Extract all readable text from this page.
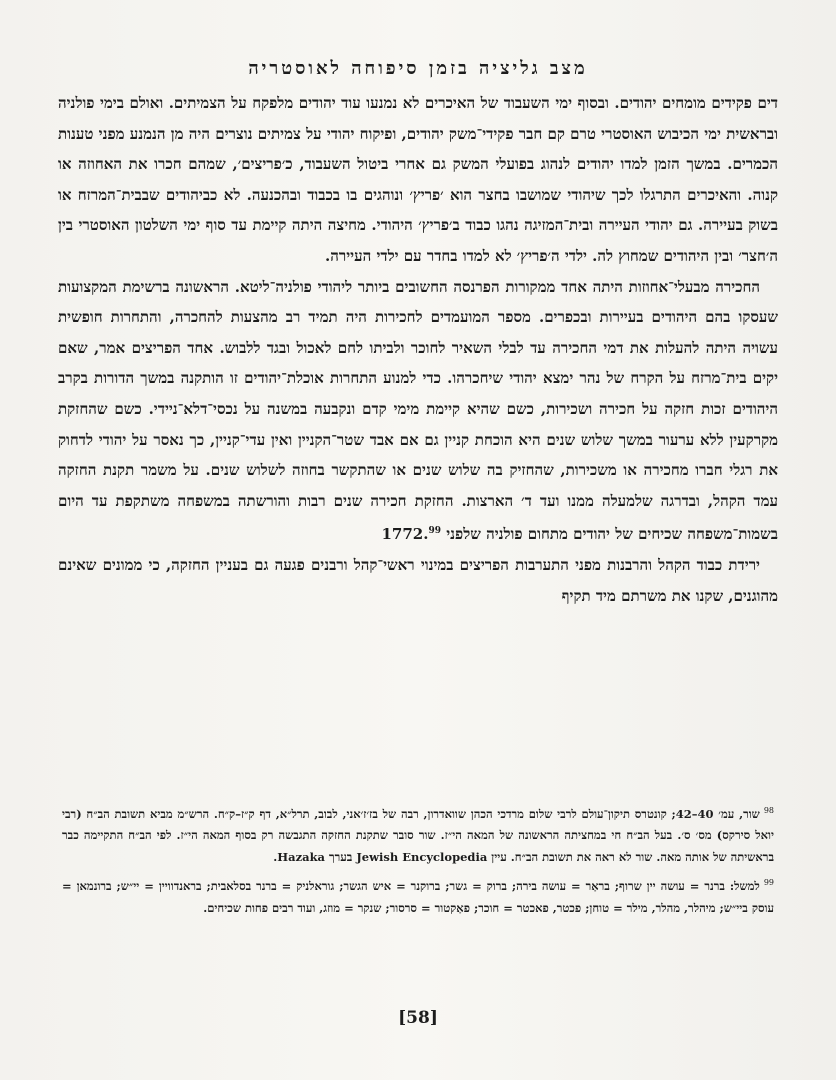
מצב גליציה בזמן סיפוחה לאוסטריה

דים פקידים מומחים יהודים. ובסוף ימי השעבוד של האיכרים לא נמנעו עוד יהודים מלפקח על הצמיתים. ואולם בימי פולניה ובראשית ימי הכיבוש האוסטרי טרם קם חבר פקידי־משק יהודים, ופיקוח יהודי על צמיתים נוצרים היה מן הנמנע מפני טענות הכמרים. במשך הזמן למדו יהודים לנהוג בפועלי המשק גם אחרי ביטול השעבוד, כ׳פריצים׳, שמהם חכרו את האחוזה או קנוה. והאיכרים התרגלו לכך שיהודי שמושבו בחצר הוא ׳פריץ׳ ונוהגים בו בכבוד ובהכנעה. לא כביהודים שבבית־המרזח או בשוק בעיירה. גם יהודי העיירה ובית־המזיגה נהגו כבוד ב׳פריץ׳ היהודי. מחיצה היתה קיימת עד סוף ימי השלטון האוסטרי בין ה׳חצר׳ ובין היהודים שמחוץ לה. ילדי ה׳פריץ׳ לא למדו בחדר עם ילדי העיירה.

החכירה מבעלי־אחוזות היתה אחד ממקורות הפרנסה החשובים ביותר ליהודי פולניה־ליטא. הראשונה ברשימת המקצועות שעסקו בהם היהודים בעיירות ובכפרים. מספר המועמדים לחכירות היה תמיד רב מהצעות להחכרה, והתחרות חופשית עשויה היתה להעלות את דמי החכירה עד לבלי השאיר לחוכר ולביתו לחם לאכול ובגד ללבוש. אחד הפריצים אמר, שאם יקים בית־מרזח על הקרח של נהר ימצא יהודי שיחכרהו. כדי למנוע התחרות אוכלת־יהודים זו הותקנה במשך הדורות בקרב היהודים זכות חזקה על חכירה ושכירות, כשם שהיא קיימת מימי קדם ונקבעה במשנה על נכסי־דלא־ניידי. כשם שהחזקת מקרקעין ללא ערעור במשך שלוש שנים היא הוכחת קניין גם אם אבד שטר־הקניין ואין עדי־קניין, כך נאסר על יהודי לדחוק את רגלי חברו מחכירה או משכירות, שהחזיק בה שלוש שנים או שהתקשר בחוזה לשלוש שנים. על משמר תקנת החזקה עמד הקהל, ובדרגה שלמעלה ממנו ועד ד׳ הארצות. החזקת חכירה שנים רבות והורשתה במשפחה משתקפת עד היום בשמות־משפחה שכיחים של יהודים מתחום פולניה שלפני 1772.99

ירידת כבוד הקהל והרבנות מפני התערבות הפריצים במינוי ראשי־קהל ורבנים פגעה גם בעניין החזקה, כי ממונים שאינם מהוגנים, שקנו את משרתם מיד תקיף

$^{98}$שור, עמ׳ 40–42; קונטרס תיקון־עולם לרבי שלום מרדכי הכהן שוואדרון, רבה של בז׳ז׳אני, לבוב, תרל״א, דף ק״ז–ק״ח. הרש״מ מביא תשובת הב״ח (רבי יואל סירקס) מס׳ ס׳. בעל הב״ח חי במחציתה הראשונה של המאה הי״ז. שור סובר שתקנת החזקה התגבשה רק בסוף המאה הי״ז. לפי הב״ח התקיימה כבר בראשיתה של אותה מאה. שור לא ראה את תשובת הב״ח. עיין Jewish Encyclopedia בערך Hazaka.

$^{99}$למשל: ברנר = עושה יין שרוף; בראַר = עושה בירה; ברוק = גשר; ברוקנר = איש הגשר; גוראלניק = ברנר בסלאבית; בראנדוויין = יי״ש; ברונמאן = עוסק ביי״ש; מיהלר, מהלר, מילר = טוחן; פכטר, פאכטר = חוכר; פאַקטור = סרסור; שנקר = מוזג, ועוד רבים פחות שכיחים.

[58]
